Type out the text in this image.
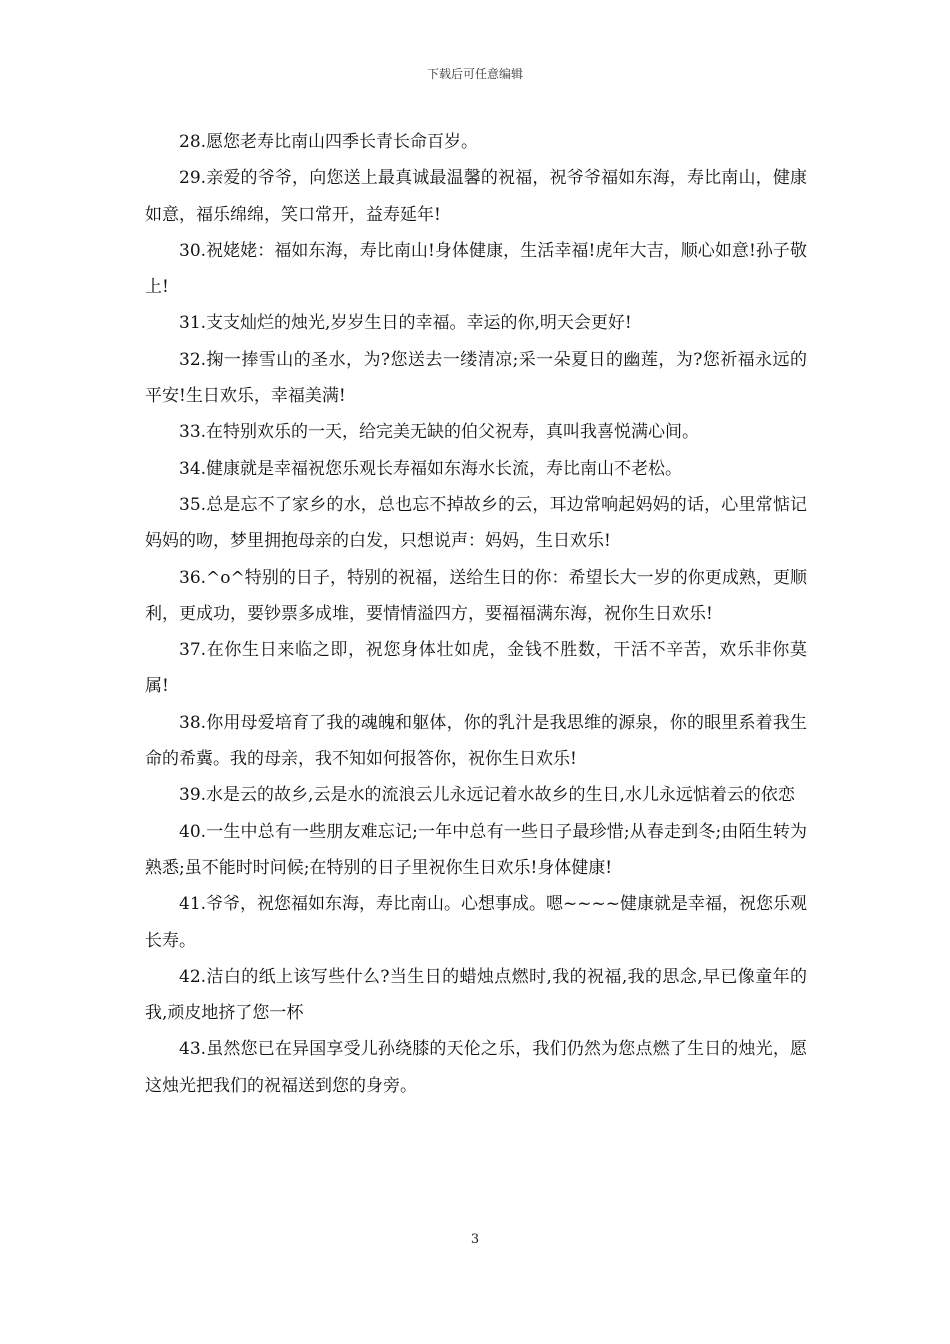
下载后可任意编辑

28.愿您老寿比南山四季长青长命百岁。

29.亲爱的爷爷，向您送上最真诚最温馨的祝福，祝爷爷福如东海，寿比南山，健康如意，福乐绵绵，笑口常开，益寿延年!

30.祝姥姥：福如东海，寿比南山!身体健康，生活幸福!虎年大吉，顺心如意!孙子敬上!

31.支支灿烂的烛光,岁岁生日的幸福。幸运的你,明天会更好!

32.掬一捧雪山的圣水，为?您送去一缕清凉;采一朵夏日的幽莲，为?您祈福永远的平安!生日欢乐，幸福美满!

33.在特别欢乐的一天，给完美无缺的伯父祝寿，真叫我喜悦满心间。

34.健康就是幸福祝您乐观长寿福如东海水长流，寿比南山不老松。

35.总是忘不了家乡的水，总也忘不掉故乡的云，耳边常响起妈妈的话，心里常惦记妈妈的吻，梦里拥抱母亲的白发，只想说声：妈妈，生日欢乐!

36.^o^特别的日子，特别的祝福，送给生日的你：希望长大一岁的你更成熟，更顺利，更成功，要钞票多成堆，要情情溢四方，要福福满东海，祝你生日欢乐!

37.在你生日来临之即，祝您身体壮如虎，金钱不胜数，干活不辛苦，欢乐非你莫属!

38.你用母爱培育了我的魂魄和躯体，你的乳汁是我思维的源泉，你的眼里系着我生命的希冀。我的母亲，我不知如何报答你，祝你生日欢乐!

39.水是云的故乡,云是水的流浪云儿永远记着水故乡的生日,水儿永远惦着云的依恋

40.一生中总有一些朋友难忘记;一年中总有一些日子最珍惜;从春走到冬;由陌生转为熟悉;虽不能时时问候;在特别的日子里祝你生日欢乐!身体健康!

41.爷爷，祝您福如东海，寿比南山。心想事成。嗯~~~~健康就是幸福，祝您乐观长寿。

42.洁白的纸上该写些什么?当生日的蜡烛点燃时,我的祝福,我的思念,早已像童年的我,顽皮地挤了您一杯

43.虽然您已在异国享受儿孙绕膝的天伦之乐，我们仍然为您点燃了生日的烛光，愿这烛光把我们的祝福送到您的身旁。

3
